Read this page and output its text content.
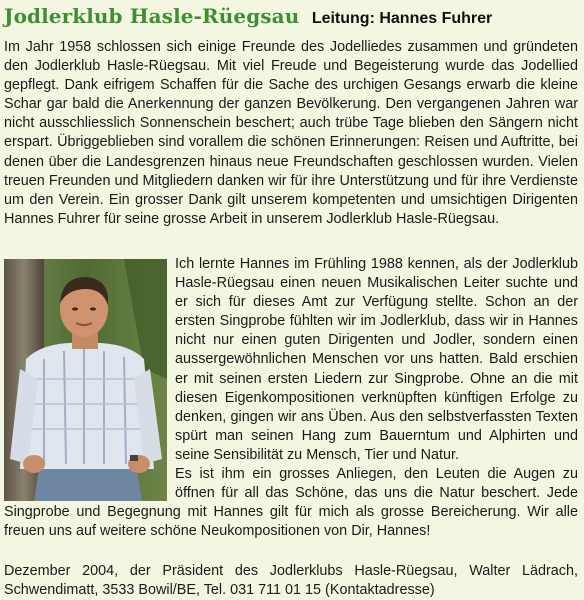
Jodlerklub Hasle-Rüegsau Leitung: Hannes Fuhrer

Im Jahr 1958 schlossen sich einige Freunde des Jodelliedes zusammen und gründeten den Jodlerklub Hasle-Rüegsau. Mit viel Freude und Begeisterung wurde das Jodellied gepflegt. Dank eifrigem Schaffen für die Sache des urchigen Gesangs erwarb die kleine Schar gar bald die Anerkennung der ganzen Bevölkerung. Den vergangenen Jahren war nicht ausschliesslich Sonnenschein beschert; auch trübe Tage blieben den Sängern nicht erspart. Übriggeblieben sind vorallem die schönen Erinnerungen: Reisen und Auftritte, bei denen über die Landesgrenzen hinaus neue Freundschaften geschlossen wurden. Vielen treuen Freunden und Mitgliedern danken wir für ihre Unterstützung und für ihre Verdienste um den Verein. Ein grosser Dank gilt unserem kompetenten und umsichtigen Dirigenten Hannes Fuhrer für seine grosse Arbeit in unserem Jodlerklub Hasle-Rüegsau.

Ich lernte Hannes im Frühling 1988 kennen, als der Jodlerklub Hasle-Rüegsau einen neuen Musikalischen Leiter suchte und er sich für dieses Amt zur Verfügung stellte. Schon an der ersten Singprobe fühlten wir im Jodlerklub, dass wir in Hannes nicht nur einen guten Dirigenten und Jodler, sondern einen aussergewöhnlichen Menschen vor uns hatten. Bald erschien er mit seinen ersten Liedern zur Singprobe. Ohne an die mit diesen Eigenkompositionen verknüpften künftigen Erfolge zu denken, gingen wir ans Üben. Aus den selbstverfassten Texten spürt man seinen Hang zum Bauerntum und Alphirten und seine Sensibilität zu Mensch, Tier und Natur.

Es ist ihm ein grosses Anliegen, den Leuten die Augen zu öffnen für all das Schöne, das uns die Natur beschert. Jede Singprobe und Begegnung mit Hannes gilt für mich als grosse Bereicherung. Wir alle freuen uns auf weitere schöne Neukompositionen von Dir, Hannes!

Dezember 2004, der Präsident des Jodlerklubs Hasle-Rüegsau, Walter Lädrach, Schwendimatt, 3533 Bowil/BE, Tel. 031 711 01 15 (Kontaktadresse)
